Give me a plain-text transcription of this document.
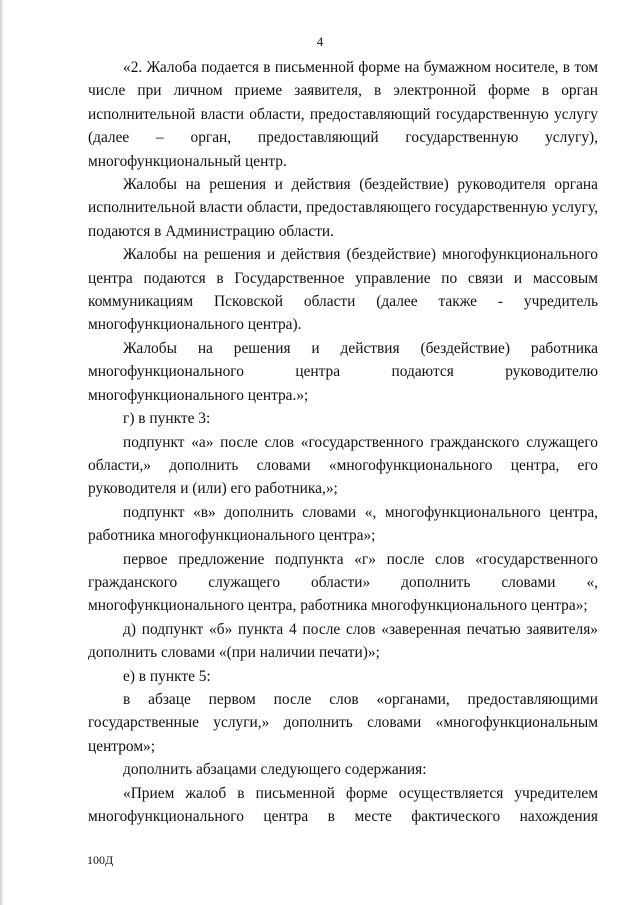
4

«2. Жалоба подается в письменной форме на бумажном носителе, в том числе при личном приеме заявителя, в электронной форме в орган исполнительной власти области, предоставляющий государственную услугу (далее – орган, предоставляющий государственную услугу), многофункциональный центр.

Жалобы на решения и действия (бездействие) руководителя органа исполнительной власти области, предоставляющего государственную услугу, подаются в Администрацию области.

Жалобы на решения и действия (бездействие) многофункционального центра подаются в Государственное управление по связи и массовым коммуникациям Псковской области (далее также - учредитель многофункционального центра).

Жалобы на решения и действия (бездействие) работника многофункционального центра подаются руководителю многофункционального центра.»;

г) в пункте 3:

подпункт «а» после слов «государственного гражданского служащего области,» дополнить словами «многофункционального центра, его руководителя и (или) его работника,»;

подпункт «в» дополнить словами «, многофункционального центра, работника многофункционального центра»;

первое предложение подпункта «г» после слов «государственного гражданского служащего области» дополнить словами «, многофункционального центра, работника многофункционального центра»;

д) подпункт «б» пункта 4 после слов «заверенная печатью заявителя» дополнить словами «(при наличии печати)»;

е) в пункте 5:

в абзаце первом после слов «органами, предоставляющими государственные услуги,» дополнить словами «многофункциональным центром»;

дополнить абзацами следующего содержания:

«Прием жалоб в письменной форме осуществляется учредителем многофункционального центра в месте фактического нахождения

100Д
